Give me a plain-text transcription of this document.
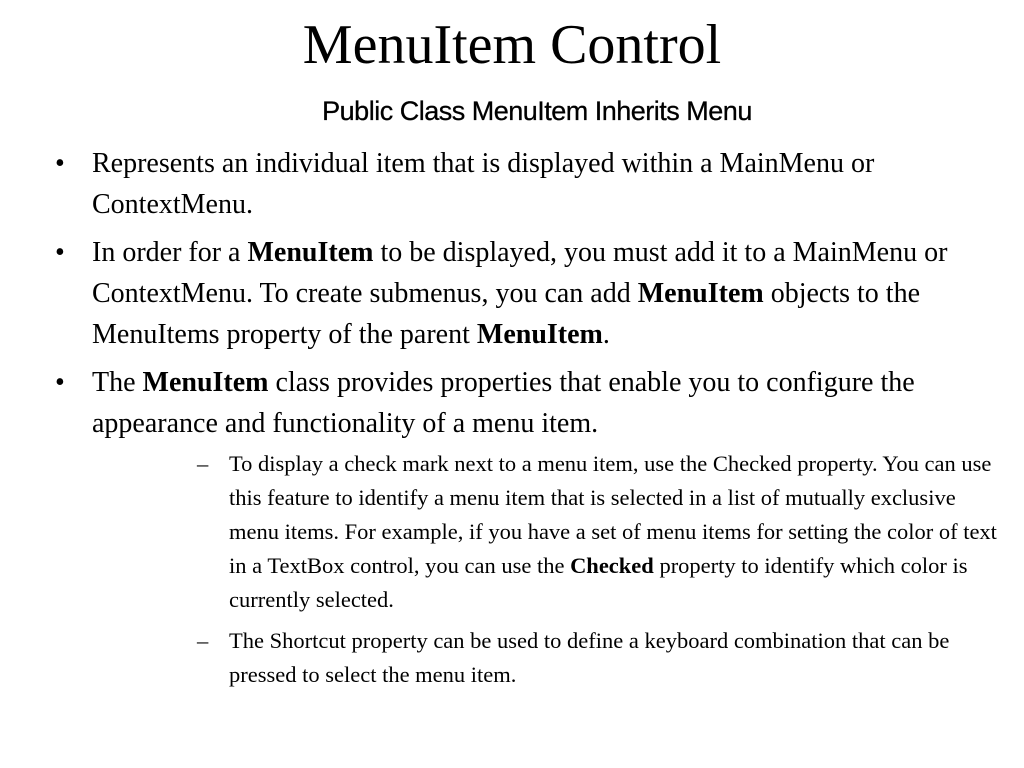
MenuItem Control
Public Class MenuItem Inherits Menu
• Represents an individual item that is displayed within a MainMenu or ContextMenu.
• In order for a MenuItem to be displayed, you must add it to a MainMenu or ContextMenu. To create submenus, you can add MenuItem objects to the MenuItems property of the parent MenuItem.
• The MenuItem class provides properties that enable you to configure the appearance and functionality of a menu item.
– To display a check mark next to a menu item, use the Checked property. You can use this feature to identify a menu item that is selected in a list of mutually exclusive menu items. For example, if you have a set of menu items for setting the color of text in a TextBox control, you can use the Checked property to identify which color is currently selected.
– The Shortcut property can be used to define a keyboard combination that can be pressed to select the menu item.
